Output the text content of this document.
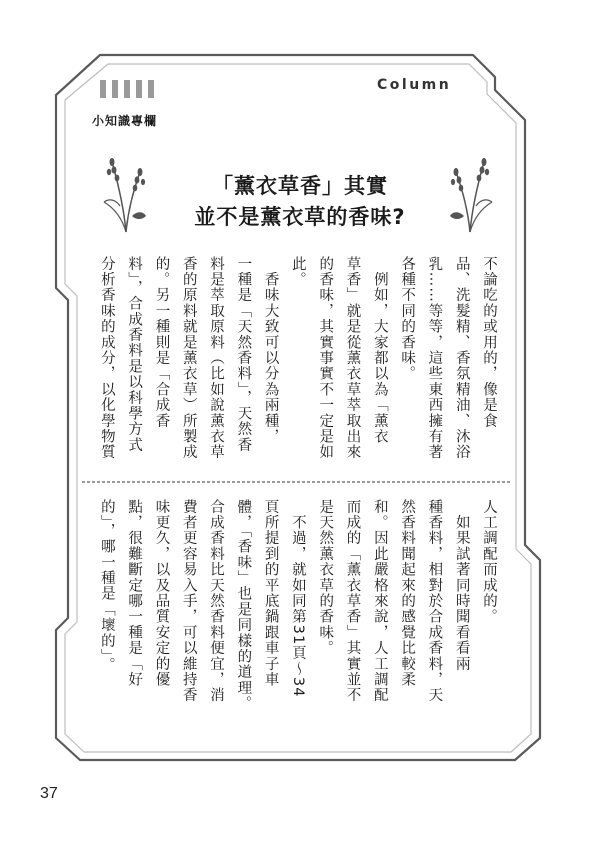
小知識專欄
Column
「薰衣草香」其實
並不是薰衣草的香味?
不論吃的或用的，像是食
品、洗髮精、香氛精油、沐浴
乳……等等，這些東西擁有著
各種不同的香味。
　例如，大家都以為「薰衣
草香」就是從薰衣草萃取出來
的香味，其實事實不一定是如
此。
　香味大致可以分為兩種，
一種是「天然香料」，天然香
料是萃取原料（比如說薰衣草
香的原料就是薰衣草）所製成
的。另一種則是「合成香
料」，合成香料是以科學方式
分析香味的成分，以化學物質
人工調配而成的。
　如果試著同時聞看看兩
種香料，相對於合成香料，天
然香料聞起來的感覺比較柔
和。因此嚴格來說，人工調配
而成的「薰衣草香」其實並不
是天然薰衣草的香味。
　不過，就如同第31頁～34
頁所提到的平底鍋跟車子車
體，「香味」也是同樣的道理。
合成香料比天然香料便宜，消
費者更容易入手，可以維持香
味更久，以及品質安定的優
點，很難斷定哪一種是「好
的」，哪一種是「壞的」。
37
